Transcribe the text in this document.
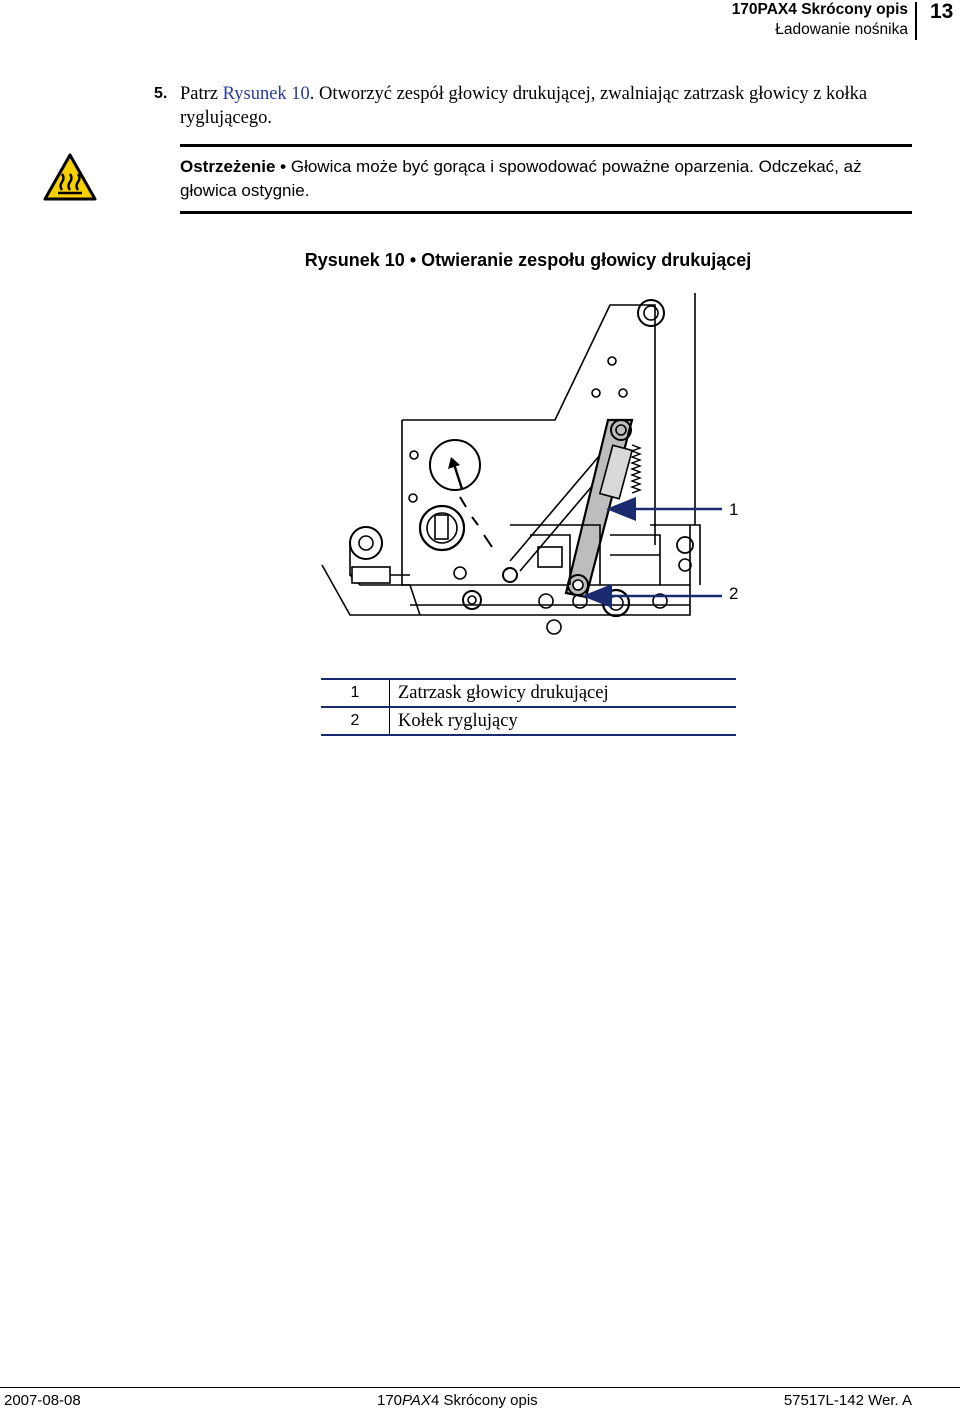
170PAX4 Skrócony opis
Ładowanie nośnika
13
5. Patrz Rysunek 10. Otworzyć zespół głowicy drukującej, zwalniając zatrzask głowicy z kołka ryglującego.
Ostrzeżenie • Głowica może być gorąca i spowodować poważne oparzenia. Odczekać, aż głowica ostygnie.
Rysunek 10 • Otwieranie zespołu głowicy drukującej
1
2
1	Zatrzask głowicy drukującej
2	Kołek ryglujący
2007-08-08	170PAX4 Skrócony opis	57517L-142 Wer. A
